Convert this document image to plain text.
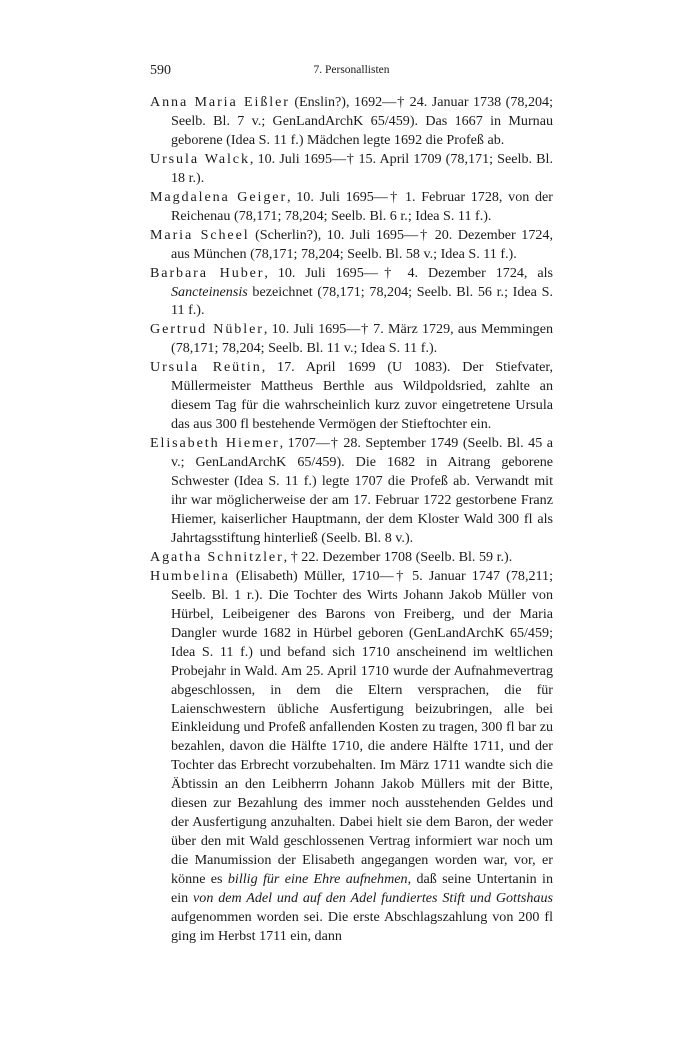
590	7. Personallisten

Anna Maria Eißler (Enslin?), 1692—† 24. Januar 1738 (78,204; Seelb. Bl. 7 v.; GenLandArchK 65/459). Das 1667 in Murnau geborene (Idea S. 11 f.) Mädchen legte 1692 die Profeß ab.

Ursula Walck, 10. Juli 1695—† 15. April 1709 (78,171; Seelb. Bl. 18 r.).

Magdalena Geiger, 10. Juli 1695—† 1. Februar 1728, von der Reichenau (78,171; 78,204; Seelb. Bl. 6 r.; Idea S. 11 f.).

Maria Scheel (Scherlin?), 10. Juli 1695—† 20. Dezember 1724, aus München (78,171; 78,204; Seelb. Bl. 58 v.; Idea S. 11 f.).

Barbara Huber, 10. Juli 1695—† 4. Dezember 1724, als Sancteinensis bezeichnet (78,171; 78,204; Seelb. Bl. 56 r.; Idea S. 11 f.).

Gertrud Nübler, 10. Juli 1695—† 7. März 1729, aus Memmingen (78,171; 78,204; Seelb. Bl. 11 v.; Idea S. 11 f.).

Ursula Reütin, 17. April 1699 (U 1083). Der Stiefvater, Müllermeister Mattheus Berthle aus Wildpoldsried, zahlte an diesem Tag für die wahrscheinlich kurz zuvor eingetretene Ursula das aus 300 fl bestehende Vermögen der Stieftochter ein.

Elisabeth Hiemer, 1707—† 28. September 1749 (Seelb. Bl. 45 a v.; GenLandArchK 65/459). Die 1682 in Aitrang geborene Schwester (Idea S. 11 f.) legte 1707 die Profeß ab. Verwandt mit ihr war möglicherweise der am 17. Februar 1722 gestorbene Franz Hiemer, kaiserlicher Hauptmann, der dem Kloster Wald 300 fl als Jahrtagsstiftung hinterließ (Seelb. Bl. 8 v.).

Agatha Schnitzler, † 22. Dezember 1708 (Seelb. Bl. 59 r.).

Humbelina (Elisabeth) Müller, 1710—† 5. Januar 1747 (78,211; Seelb. Bl. 1 r.). Die Tochter des Wirts Johann Jakob Müller von Hürbel, Leibeigener des Barons von Freiberg, und der Maria Dangler wurde 1682 in Hürbel geboren (GenLandArchK 65/459; Idea S. 11 f.) und befand sich 1710 anscheinend im weltlichen Probejahr in Wald. Am 25. April 1710 wurde der Aufnahmevertrag abgeschlossen, in dem die Eltern versprachen, die für Laienschwestern übliche Ausfertigung beizubringen, alle bei Einkleidung und Profeß anfallenden Kosten zu tragen, 300 fl bar zu bezahlen, davon die Hälfte 1710, die andere Hälfte 1711, und der Tochter das Erbrecht vorzubehalten. Im März 1711 wandte sich die Äbtissin an den Leibherrn Johann Jakob Müllers mit der Bitte, diesen zur Bezahlung des immer noch ausstehenden Geldes und der Ausfertigung anzuhalten. Dabei hielt sie dem Baron, der weder über den mit Wald geschlossenen Vertrag informiert war noch um die Manumission der Elisabeth angegangen worden war, vor, er könne es billig für eine Ehre aufnehmen, daß seine Untertanin in ein von dem Adel und auf den Adel fundiertes Stift und Gottshaus aufgenommen worden sei. Die erste Abschlagszahlung von 200 fl ging im Herbst 1711 ein, dann
